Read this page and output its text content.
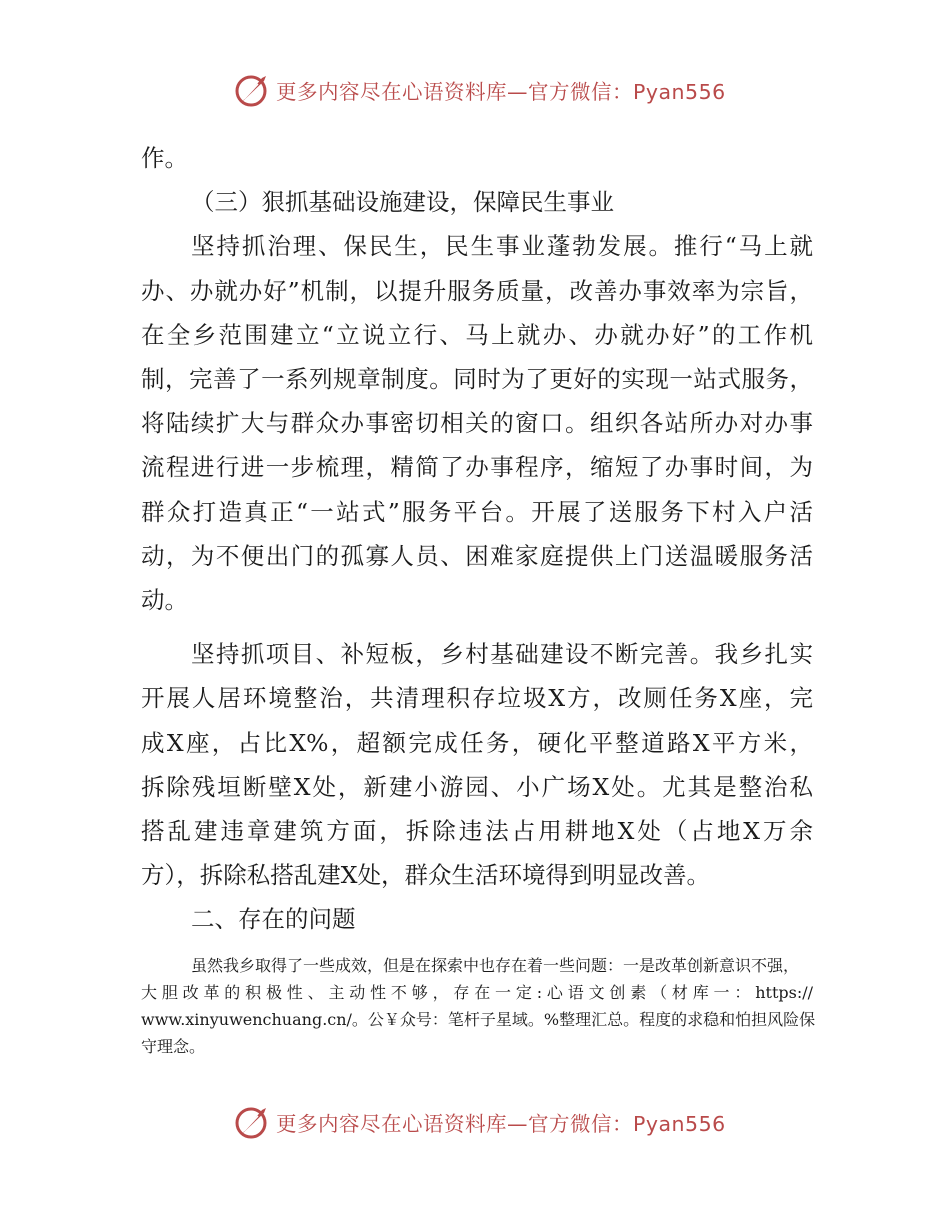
更多内容尽在心语资料库—官方微信：Pyan556

作。

（三）狠抓基础设施建设，保障民生事业

坚持抓治理、保民生，民生事业蓬勃发展。推行“马上就

办、办就办好”机制，以提升服务质量，改善办事效率为宗旨，

在全乡范围建立“立说立行、马上就办、办就办好”的工作机

制，完善了一系列规章制度。同时为了更好的实现一站式服务，

将陆续扩大与群众办事密切相关的窗口。组织各站所办对办事

流程进行进一步梳理，精简了办事程序，缩短了办事时间，为

群众打造真正“一站式”服务平台。开展了送服务下村入户活

动，为不便出门的孤寡人员、困难家庭提供上门送温暖服务活

动。

坚持抓项目、补短板，乡村基础建设不断完善。我乡扎实

开展人居环境整治，共清理积存垃圾X方，改厕任务X座，完

成X座，占比X%，超额完成任务，硬化平整道路X平方米，

拆除残垣断壁X处，新建小游园、小广场X处。尤其是整治私

搭乱建违章建筑方面，拆除违法占用耕地X处（占地X万余

方），拆除私搭乱建X处，群众生活环境得到明显改善。

二、存在的问题

虽然我乡取得了一些成效，但是在探索中也存在着一些问题：一是改革创新意识不强，

大胆改革的积极性、主动性不够，存在一定:心语文创素（材库一：https://

www.xinyuwenchuang.cn/。公￥众号：笔杆子星域。%整理汇总。程度的求稳和怕担风险保

守理念。

更多内容尽在心语资料库—官方微信：Pyan556
